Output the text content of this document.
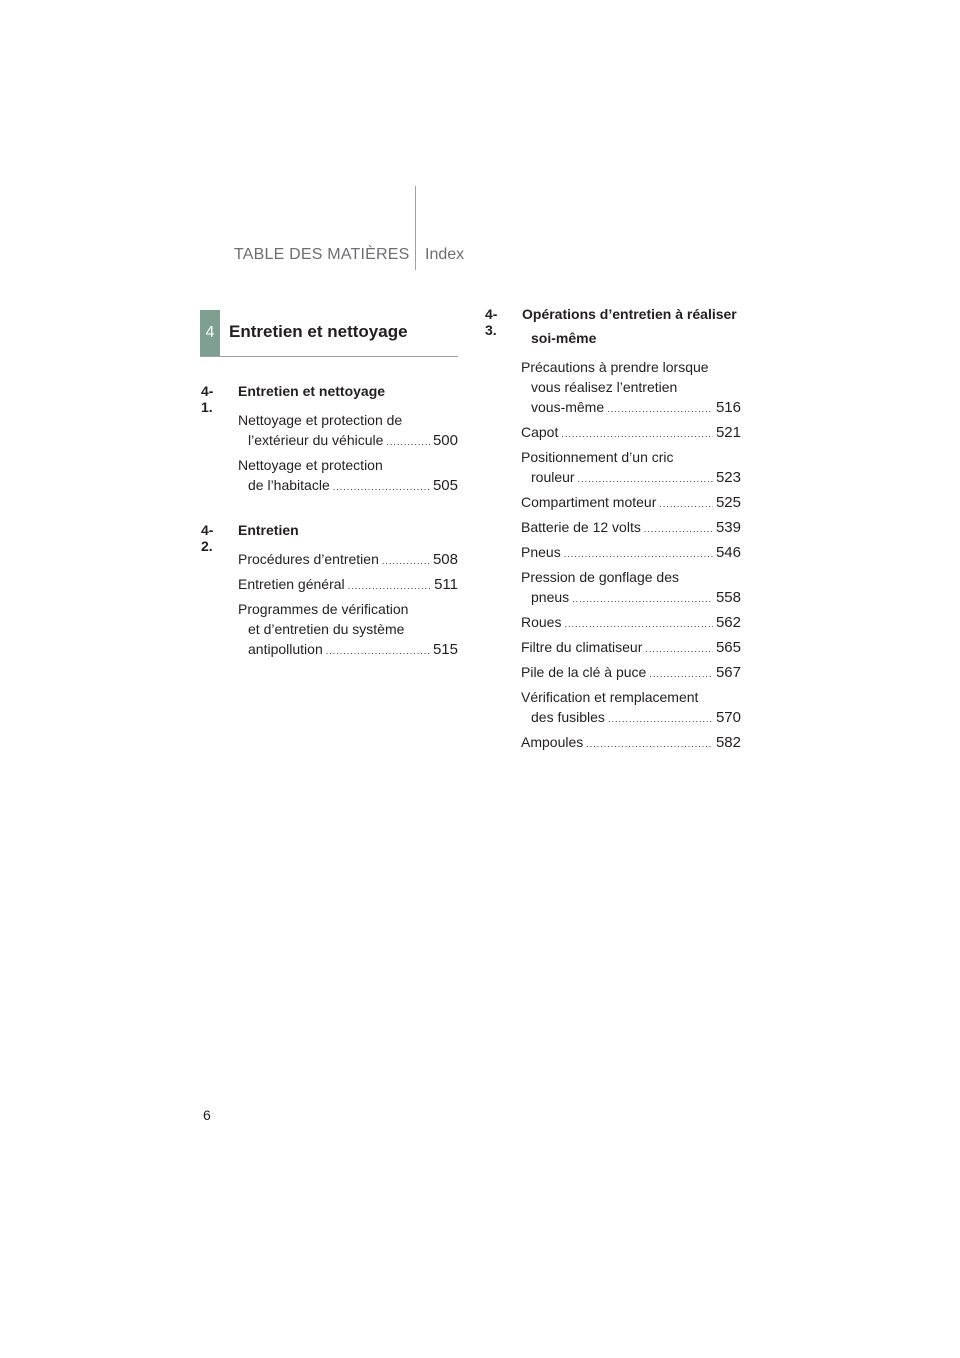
TABLE DES MATIÈRES Index
4 Entretien et nettoyage
4-1.
Entretien et nettoyage
Nettoyage et protection de
l’extérieur du véhicule .....	500
Nettoyage et protection
de l’habitacle .....	505
4-2.
Entretien
Procédures d’entretien .....	508
Entretien général .....	511
Programmes de vérification
et d’entretien du système
antipollution .....	515
4-3.
Opérations d’entretien à réaliser
soi-même
Précautions à prendre lorsque
vous réalisez l’entretien
vous-même .....	516
Capot .....	521
Positionnement d’un cric
rouleur .....	523
Compartiment moteur .....	525
Batterie de 12 volts .....	539
Pneus .....	546
Pression de gonflage des
pneus .....	558
Roues .....	562
Filtre du climatiseur .....	565
Pile de la clé à puce .....	567
Vérification et remplacement
des fusibles .....	570
Ampoules .....	582
6
